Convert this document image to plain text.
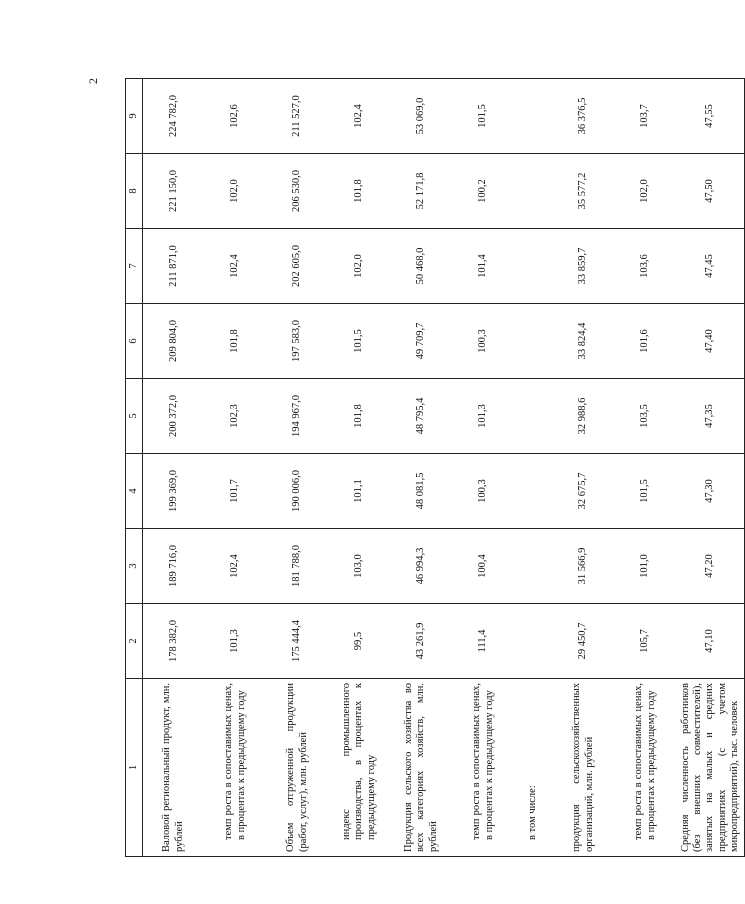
2
1	2	3	4	5	6	7	8	9
Валовой региональный продукт, млн. рублей	178 382,0	189 716,0	199 369,0	200 372,0	209 804,0	211 871,0	221 150,0	224 782,0
темп роста в сопоставимых ценах, в процентах к предыдущему году	101,3	102,4	101,7	102,3	101,8	102,4	102,0	102,6
Объем отгруженной продукции (работ, услуг), млн. рублей	175 444,4	181 788,0	190 006,0	194 967,0	197 583,0	202 605,0	206 530,0	211 527,0
индекс промышленного производства, в процентах к предыдущему году	99,5	103,0	101,1	101,8	101,5	102,0	101,8	102,4
Продукция сельского хозяйства во всех категориях хозяйств, млн. рублей	43 261,9	46 994,3	48 081,5	48 795,4	49 709,7	50 468,0	52 171,8	53 069,0
темп роста в сопоставимых ценах, в процентах к предыдущему году	111,4	100,4	100,3	101,3	100,3	101,4	100,2	101,5
в том числе:								
продукция сельскохозяйственных организаций, млн. рублей	29 450,7	31 566,9	32 675,7	32 988,6	33 824,4	33 859,7	35 577,2	36 376,5
темп роста в сопоставимых ценах, в процентах к предыдущему году	105,7	101,0	101,5	103,5	101,6	103,6	102,0	103,7
Средняя численность работников (без внешних совместителей), занятых на малых и средних предприятиях (с учетом микропредприятий), тыс. человек	47,10	47,20	47,30	47,35	47,40	47,45	47,50	47,55
